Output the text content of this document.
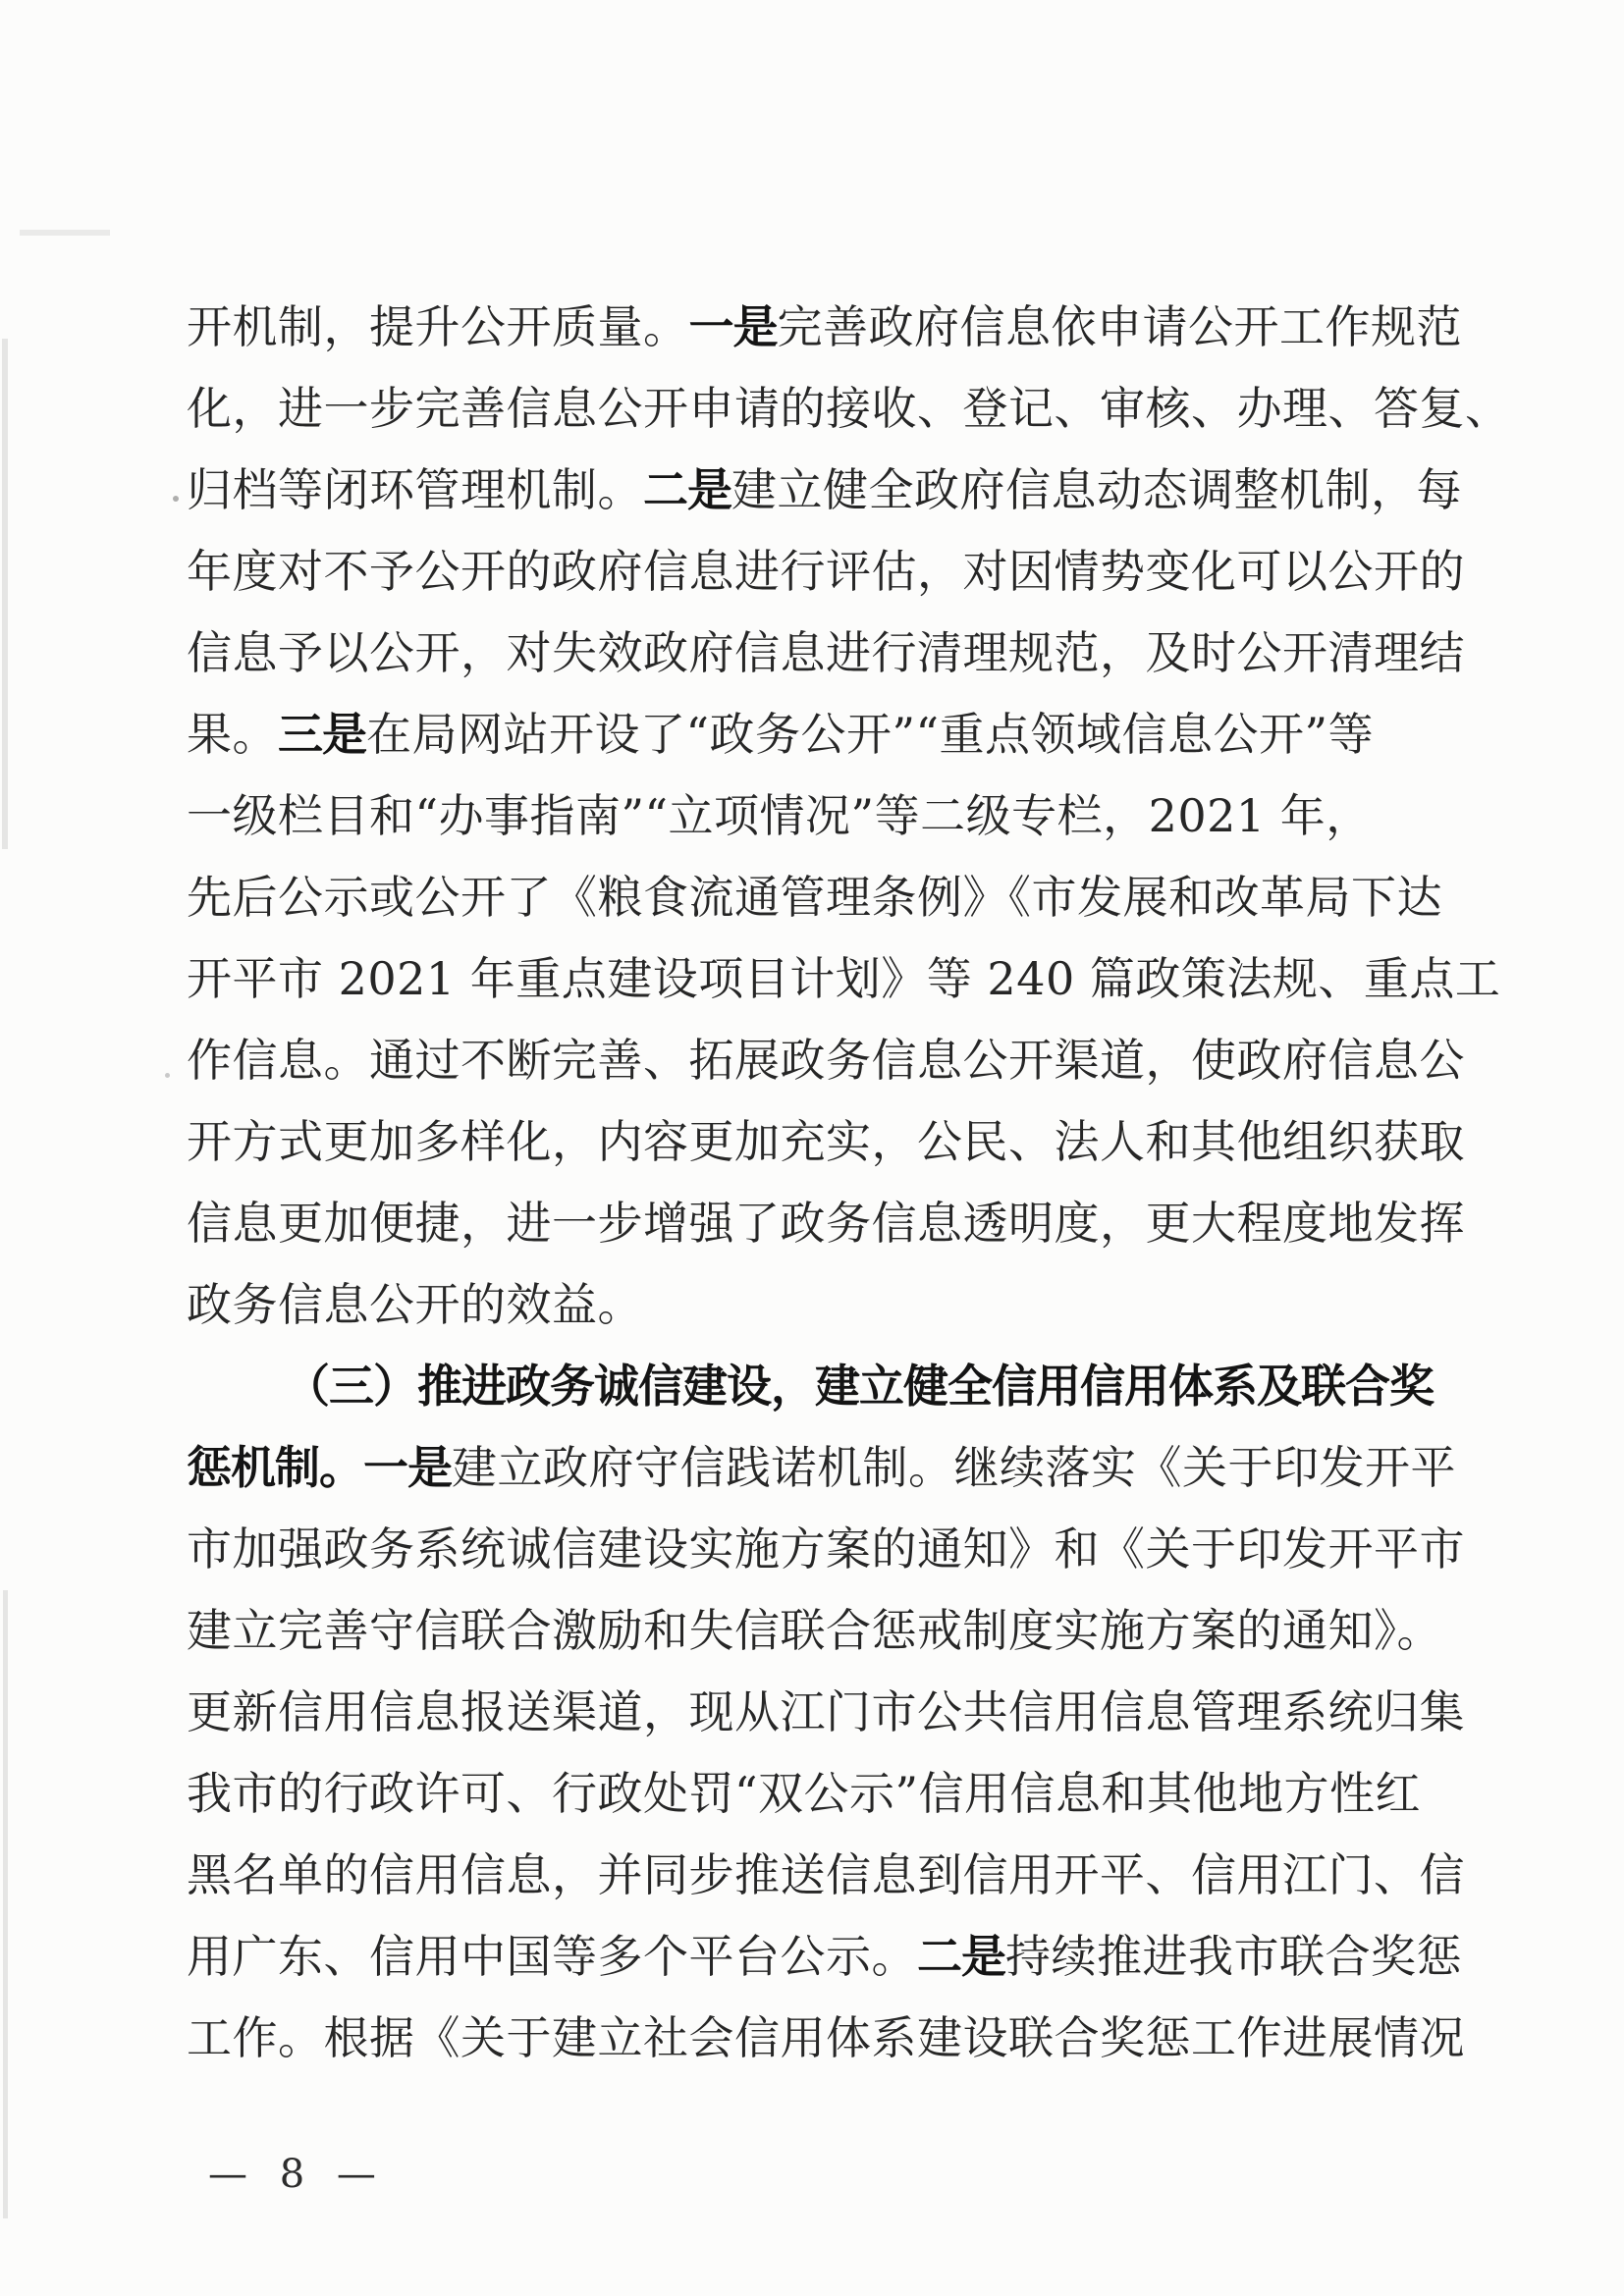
开机制，提升公开质量。一是完善政府信息依申请公开工作规范
化，进一步完善信息公开申请的接收、登记、审核、办理、答复、
归档等闭环管理机制。二是建立健全政府信息动态调整机制，每
年度对不予公开的政府信息进行评估，对因情势变化可以公开的
信息予以公开，对失效政府信息进行清理规范，及时公开清理结
果。三是在局网站开设了“政务公开”“重点领域信息公开”等
一级栏目和“办事指南”“立项情况”等二级专栏，2021 年，
先后公示或公开了《粮食流通管理条例》《市发展和改革局下达
开平市 2021 年重点建设项目计划》等 240 篇政策法规、重点工
作信息。通过不断完善、拓展政务信息公开渠道，使政府信息公
开方式更加多样化，内容更加充实，公民、法人和其他组织获取
信息更加便捷，进一步增强了政务信息透明度，更大程度地发挥
政务信息公开的效益。
（三）推进政务诚信建设，建立健全信用信用体系及联合奖
惩机制。一是建立政府守信践诺机制。继续落实《关于印发开平
市加强政务系统诚信建设实施方案的通知》和《关于印发开平市
建立完善守信联合激励和失信联合惩戒制度实施方案的通知》。
更新信用信息报送渠道，现从江门市公共信用信息管理系统归集
我市的行政许可、行政处罚“双公示”信用信息和其他地方性红
黑名单的信用信息，并同步推送信息到信用开平、信用江门、信
用广东、信用中国等多个平台公示。二是持续推进我市联合奖惩
工作。根据《关于建立社会信用体系建设联合奖惩工作进展情况
— 8 —
